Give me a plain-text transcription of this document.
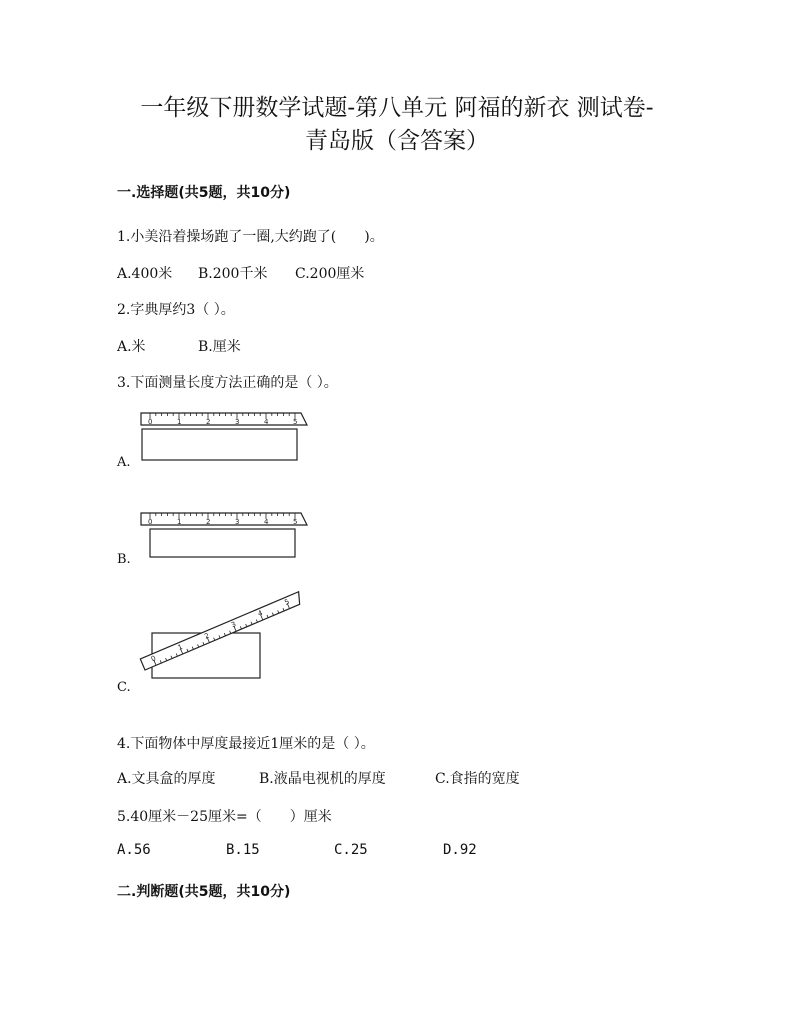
一年级下册数学试题-第八单元 阿福的新衣 测试卷-
青岛版（含答案）
一.选择题(共5题，共10分)
1.小美沿着操场跑了一圈,大约跑了(　　)。
A.400米 B.200千米 C.200厘米
2.字典厚约3（ ）。
A.米	B.厘米
3.下面测量长度方法正确的是（ ）。
A.
0	1	2	3	4	5
B.
0	1	2	3	4	5
C.
0
1
2
3
4
5
4.下面物体中厚度最接近1厘米的是（ ）。
A.文具盒的厚度	B.液晶电视机的厚度	C.食指的宽度
5.40厘米－25厘米=（　　）厘米
A.56	B.15	C.25	D.92
二.判断题(共5题，共10分)
